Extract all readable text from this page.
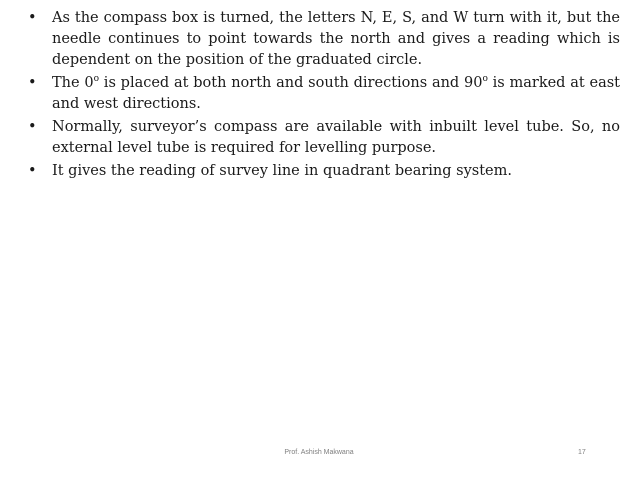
• As the compass box is turned, the letters N, E, S, and W turn with it, but the needle continues to point towards the north and gives a reading which is dependent on the position of the graduated circle.
• The 0$^o$ is placed at both north and south directions and 90$^o$ is marked at east and west directions.
• Normally, surveyor’s compass are available with inbuilt level tube. So, no external level tube is required for levelling purpose.
• It gives the reading of survey line in quadrant bearing system.
Prof. Ashish Makwana	17
